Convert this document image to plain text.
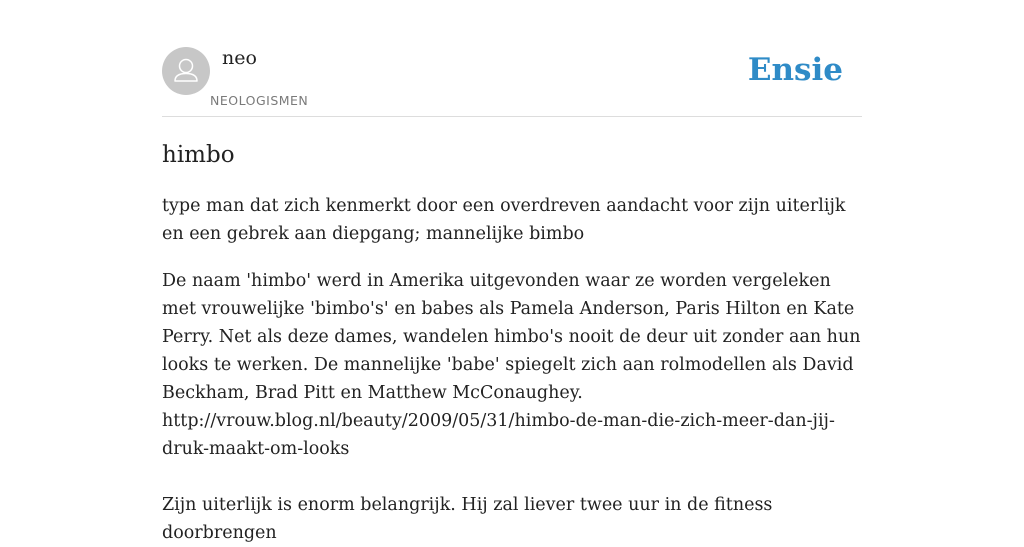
neo
NEOLOGISMEN
Ensie
himbo

type man dat zich kenmerkt door een overdreven aandacht voor zijn uiterlijk en een gebrek aan diepgang; mannelijke bimbo

De naam 'himbo' werd in Amerika uitgevonden waar ze worden vergeleken met vrouwelijke 'bimbo's' en babes als Pamela Anderson, Paris Hilton en Kate Perry. Net als deze dames, wandelen himbo's nooit de deur uit zonder aan hun looks te werken. De mannelijke 'babe' spiegelt zich aan rolmodellen als David Beckham, Brad Pitt en Matthew McConaughey.
http://vrouw.blog.nl/beauty/2009/05/31/himbo-de-man-die-zich-meer-dan-jij-druk-maakt-om-looks

Zijn uiterlijk is enorm belangrijk. Hij zal liever twee uur in de fitness doorbrengen
